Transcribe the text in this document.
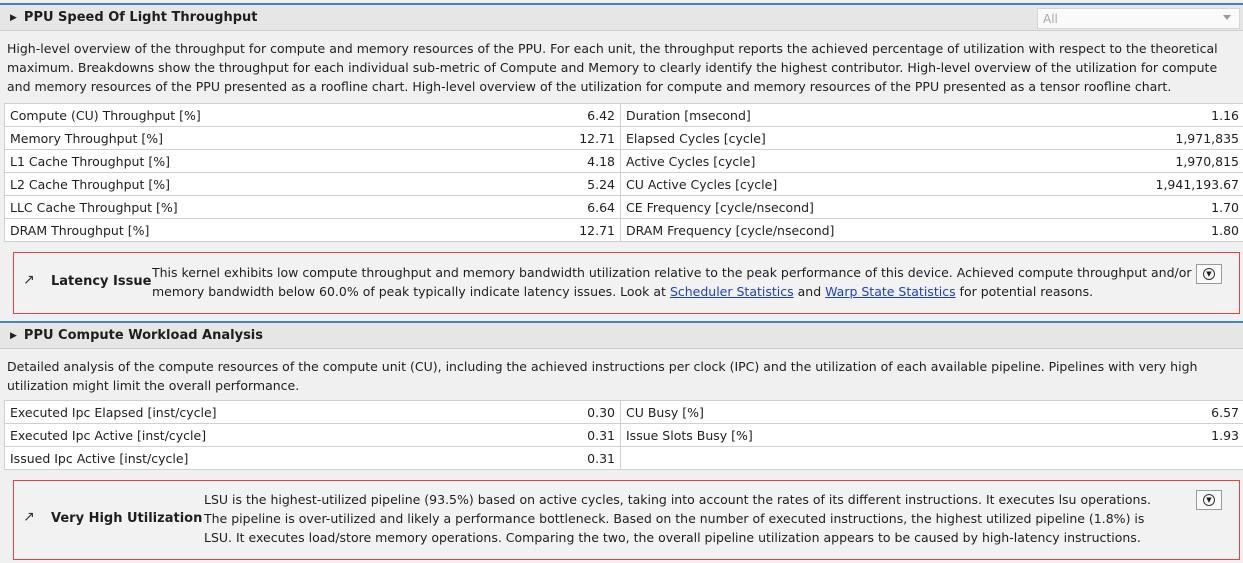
▶ PPU Speed Of Light Throughput	All
High-level overview of the throughput for compute and memory resources of the PPU. For each unit, the throughput reports the achieved percentage of utilization with respect to the theoretical maximum. Breakdowns show the throughput for each individual sub-metric of Compute and Memory to clearly identify the highest contributor. High-level overview of the utilization for compute and memory resources of the PPU presented as a roofline chart. High-level overview of the utilization for compute and memory resources of the PPU presented as a tensor roofline chart.
Compute (CU) Throughput [%] 6.42	Duration [msecond] 1.16

Memory Throughput [%] 12.71	Elapsed Cycles [cycle] 1,971,835

L1 Cache Throughput [%] 4.18	Active Cycles [cycle] 1,970,815

L2 Cache Throughput [%] 5.24	CU Active Cycles [cycle] 1,941,193.67

LLC Cache Throughput [%] 6.64	CE Frequency [cycle/nsecond] 1.70

DRAM Throughput [%] 12.71	DRAM Frequency [cycle/nsecond] 1.80
↗ Latency Issue
This kernel exhibits low compute throughput and memory bandwidth utilization relative to the peak performance of this device. Achieved compute throughput and/or memory bandwidth below 60.0% of peak typically indicate latency issues. Look at Scheduler Statistics and Warp State Statistics for potential reasons.
▼
▶ PPU Compute Workload Analysis
Detailed analysis of the compute resources of the compute unit (CU), including the achieved instructions per clock (IPC) and the utilization of each available pipeline. Pipelines with very high utilization might limit the overall performance.
Executed Ipc Elapsed [inst/cycle] 0.30	CU Busy [%] 6.57

Executed Ipc Active [inst/cycle] 0.31	Issue Slots Busy [%] 1.93

Issued Ipc Active [inst/cycle] 0.31	

↗ Very High Utilization
LSU is the highest-utilized pipeline (93.5%) based on active cycles, taking into account the rates of its different instructions. It executes lsu operations. The pipeline is over-utilized and likely a performance bottleneck. Based on the number of executed instructions, the highest utilized pipeline (1.8%) is LSU. It executes load/store memory operations. Comparing the two, the overall pipeline utilization appears to be caused by high-latency instructions.
▼
